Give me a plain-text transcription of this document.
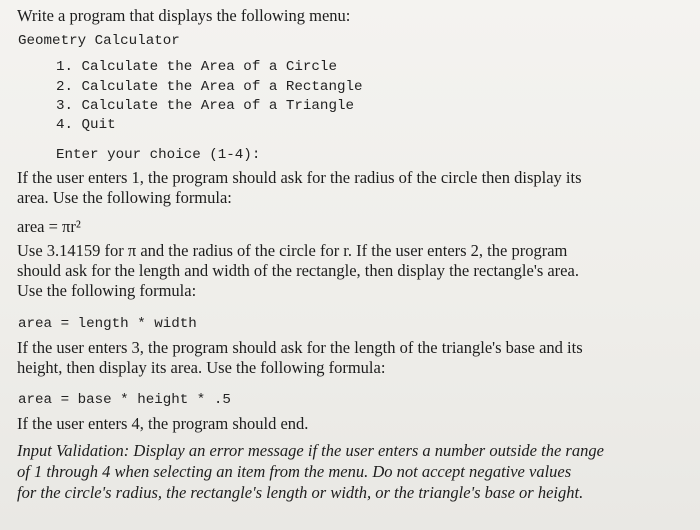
Write a program that displays the following menu:
Geometry Calculator
1. Calculate the Area of a Circle
2. Calculate the Area of a Rectangle
3. Calculate the Area of a Triangle
4. Quit
Enter your choice (1-4):
If the user enters 1, the program should ask for the radius of the circle then display its
area. Use the following formula:
area = πr²
Use 3.14159 for π and the radius of the circle for r. If the user enters 2, the program
should ask for the length and width of the rectangle, then display the rectangle's area.
Use the following formula:
area = length * width
If the user enters 3, the program should ask for the length of the triangle's base and its
height, then display its area. Use the following formula:
area = base * height * .5
If the user enters 4, the program should end.
Input Validation: Display an error message if the user enters a number outside the range
of 1 through 4 when selecting an item from the menu. Do not accept negative values
for the circle's radius, the rectangle's length or width, or the triangle's base or height.
